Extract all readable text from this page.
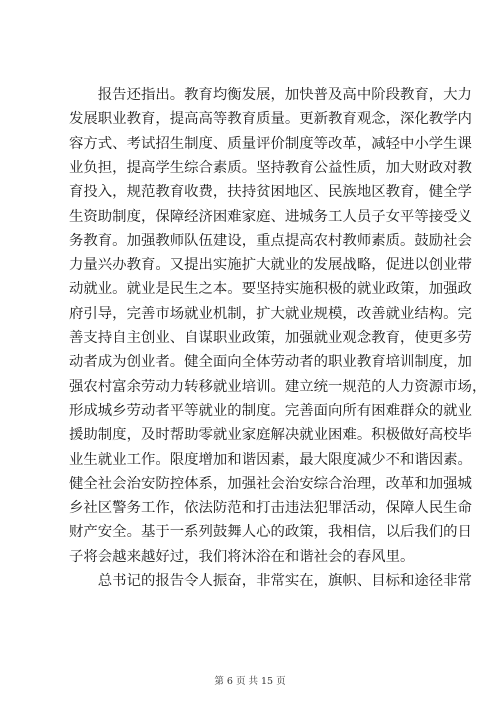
　　报告还指出。教育均衡发展，加快普及高中阶段教育，大力
发展职业教育，提高高等教育质量。更新教育观念，深化教学内
容方式、考试招生制度、质量评价制度等改革，减轻中小学生课
业负担，提高学生综合素质。坚持教育公益性质，加大财政对教
育投入，规范教育收费，扶持贫困地区、民族地区教育，健全学
生资助制度，保障经济困难家庭、进城务工人员子女平等接受义
务教育。加强教师队伍建设，重点提高农村教师素质。鼓励社会
力量兴办教育。又提出实施扩大就业的发展战略，促进以创业带
动就业。就业是民生之本。要坚持实施积极的就业政策，加强政
府引导，完善市场就业机制，扩大就业规模，改善就业结构。完
善支持自主创业、自谋职业政策，加强就业观念教育，使更多劳
动者成为创业者。健全面向全体劳动者的职业教育培训制度，加
强农村富余劳动力转移就业培训。建立统一规范的人力资源市场，
形成城乡劳动者平等就业的制度。完善面向所有困难群众的就业
援助制度，及时帮助零就业家庭解决就业困难。积极做好高校毕
业生就业工作。限度增加和谐因素，最大限度减少不和谐因素。
健全社会治安防控体系，加强社会治安综合治理，改革和加强城
乡社区警务工作，依法防范和打击违法犯罪活动，保障人民生命
财产安全。基于一系列鼓舞人心的政策，我相信，以后我们的日
子将会越来越好过，我们将沐浴在和谐社会的春风里。
　　总书记的报告令人振奋，非常实在，旗帜、目标和途径非常
第 6 页 共 15 页
